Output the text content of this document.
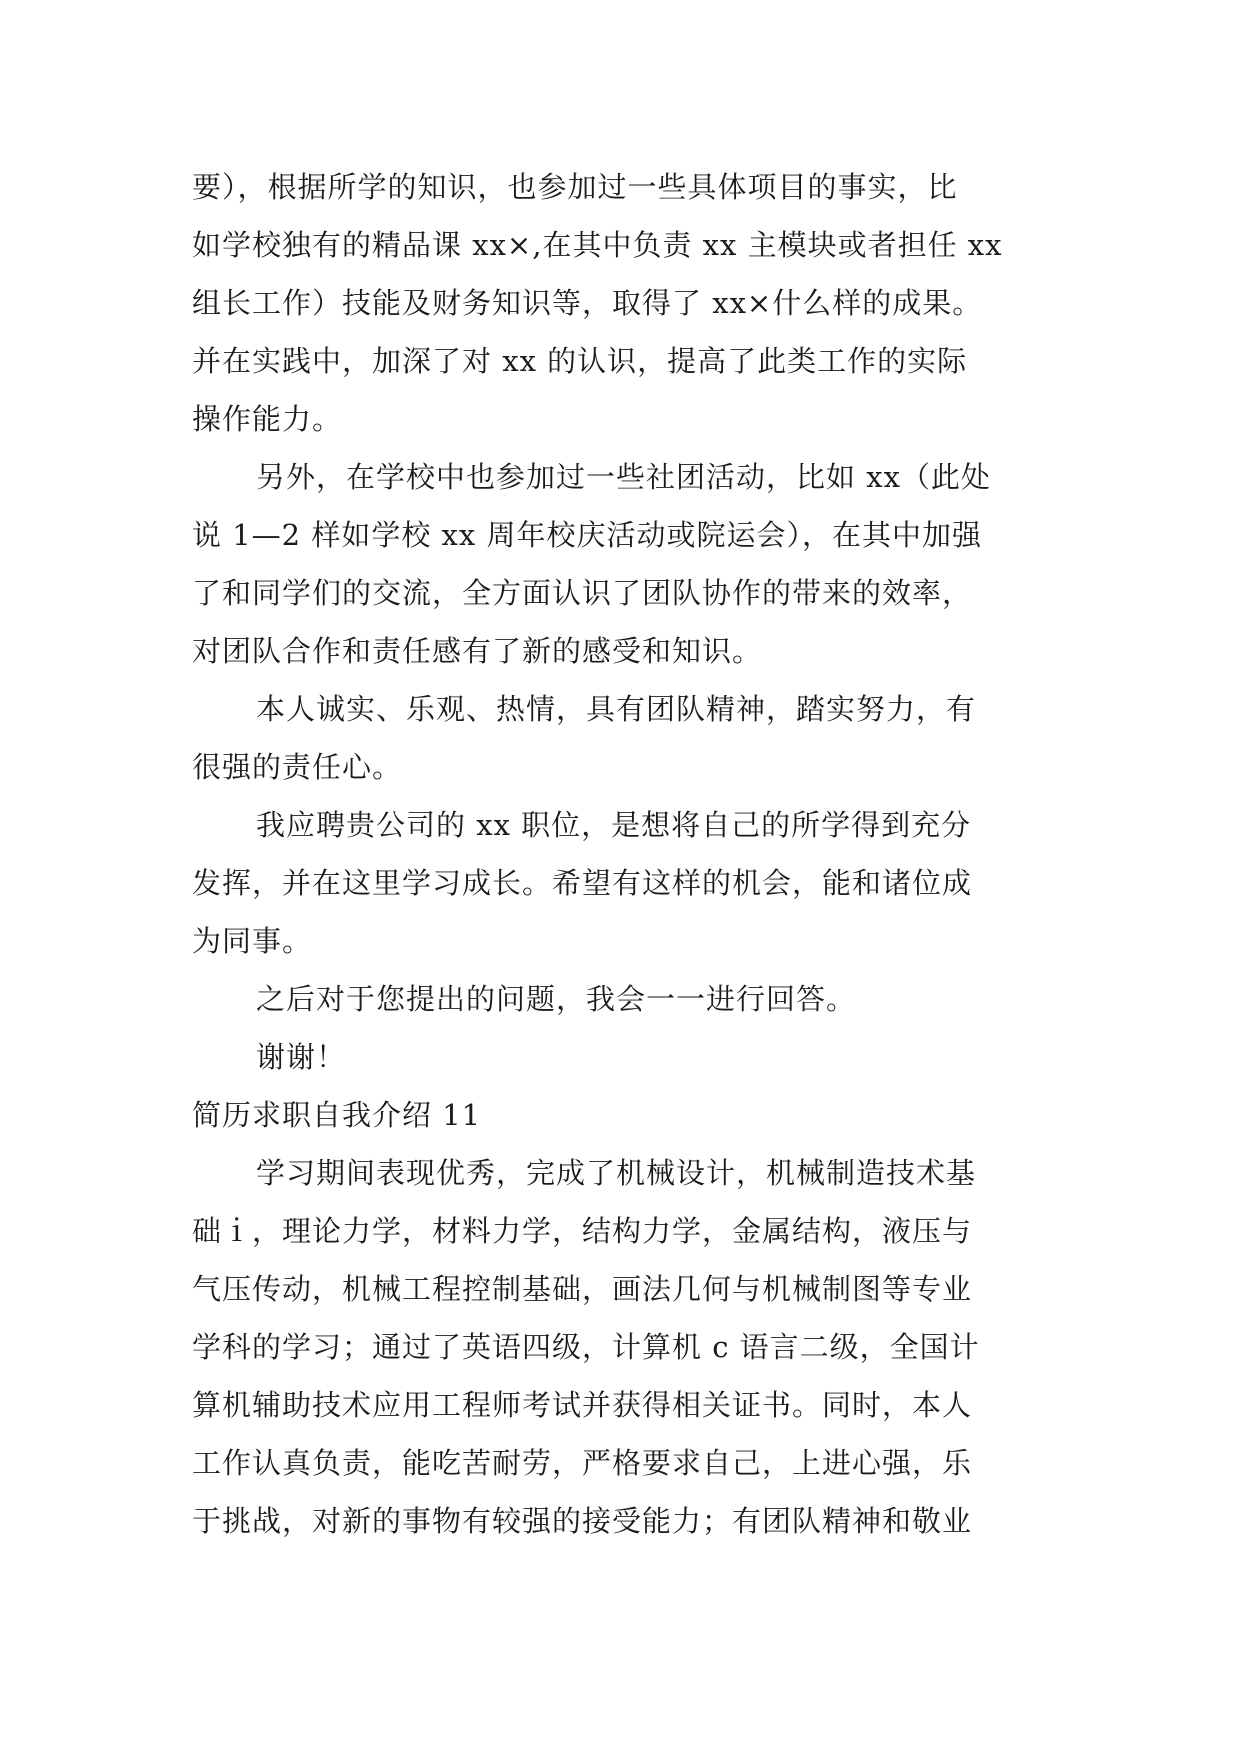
要），根据所学的知识，也参加过一些具体项目的事实，比
如学校独有的精品课 xx×,在其中负责 xx 主模块或者担任 xx
组长工作）技能及财务知识等，取得了 xx×什么样的成果。
并在实践中，加深了对 xx 的认识，提高了此类工作的实际
操作能力。
另外，在学校中也参加过一些社团活动，比如 xx（此处
说 1—2 样如学校 xx 周年校庆活动或院运会），在其中加强
了和同学们的交流，全方面认识了团队协作的带来的效率，
对团队合作和责任感有了新的感受和知识。
本人诚实、乐观、热情，具有团队精神，踏实努力，有
很强的责任心。
我应聘贵公司的 xx 职位，是想将自己的所学得到充分
发挥，并在这里学习成长。希望有这样的机会，能和诸位成
为同事。
之后对于您提出的问题，我会一一进行回答。
谢谢！
简历求职自我介绍 11
学习期间表现优秀，完成了机械设计，机械制造技术基
础ｉ，理论力学，材料力学，结构力学，金属结构，液压与
气压传动，机械工程控制基础，画法几何与机械制图等专业
学科的学习；通过了英语四级，计算机 c 语言二级，全国计
算机辅助技术应用工程师考试并获得相关证书。同时，本人
工作认真负责，能吃苦耐劳，严格要求自己，上进心强，乐
于挑战，对新的事物有较强的接受能力；有团队精神和敬业
